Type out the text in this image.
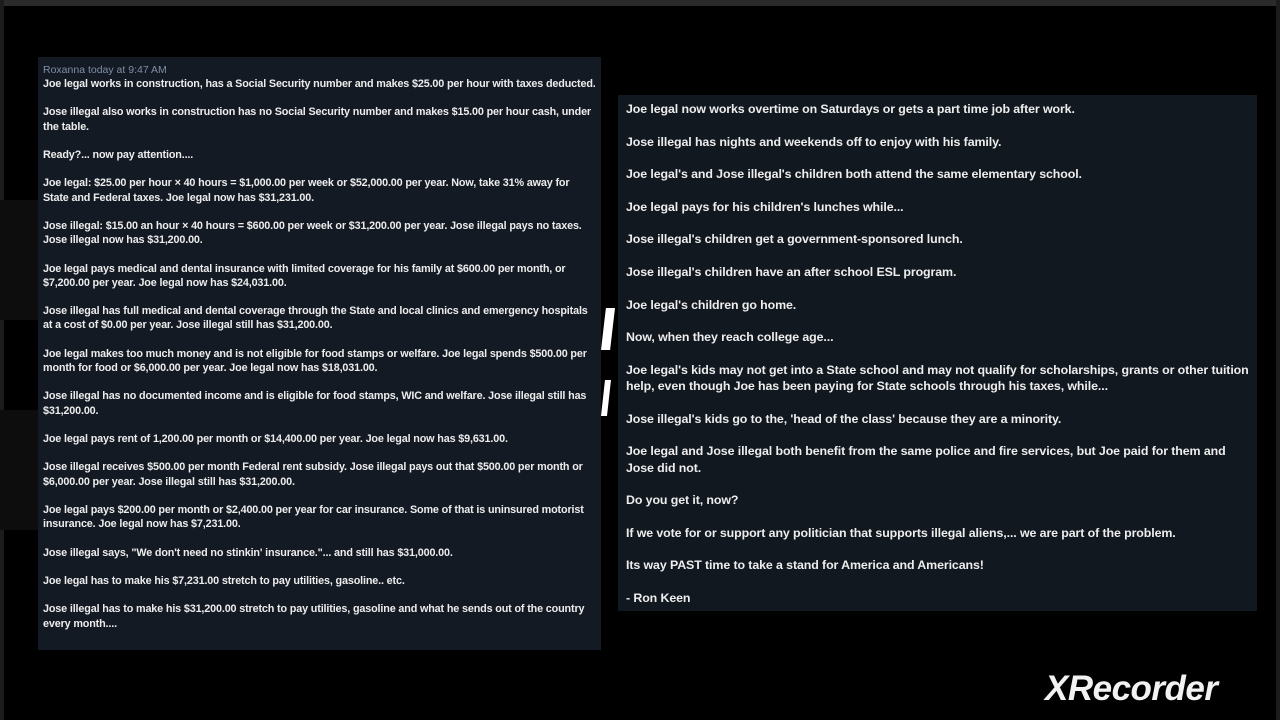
Roxanna today at 9:47 AM

Joe legal works in construction, has a Social Security number and makes $25.00 per hour with taxes deducted.

Jose illegal also works in construction has no Social Security number and makes $15.00 per hour cash, under the table.

Ready?... now pay attention....

Joe legal: $25.00 per hour × 40 hours = $1,000.00 per week or $52,000.00 per year. Now, take 31% away for State and Federal taxes. Joe legal now has $31,231.00.

Jose illegal: $15.00 an hour × 40 hours = $600.00 per week or $31,200.00 per year. Jose illegal pays no taxes. Jose illegal now has $31,200.00.

Joe legal pays medical and dental insurance with limited coverage for his family at $600.00 per month, or $7,200.00 per year. Joe legal now has $24,031.00.

Jose illegal has full medical and dental coverage through the State and local clinics and emergency hospitals at a cost of $0.00 per year. Jose illegal still has $31,200.00.

Joe legal makes too much money and is not eligible for food stamps or welfare. Joe legal spends $500.00 per month for food or $6,000.00 per year. Joe legal now has $18,031.00.

Jose illegal has no documented income and is eligible for food stamps, WIC and welfare. Jose illegal still has $31,200.00.

Joe legal pays rent of 1,200.00 per month or $14,400.00 per year. Joe legal now has $9,631.00.

Jose illegal receives $500.00 per month Federal rent subsidy. Jose illegal pays out that $500.00 per month or $6,000.00 per year. Jose illegal still has $31,200.00.

Joe legal pays $200.00 per month or $2,400.00 per year for car insurance. Some of that is uninsured motorist insurance. Joe legal now has $7,231.00.

Jose illegal says, "We don't need no stinkin' insurance."... and still has $31,000.00.

Joe legal has to make his $7,231.00 stretch to pay utilities, gasoline.. etc.

Jose illegal has to make his $31,200.00 stretch to pay utilities, gasoline and what he sends out of the country every month....

Joe legal now works overtime on Saturdays or gets a part time job after work.

Jose illegal has nights and weekends off to enjoy with his family.

Joe legal's and Jose illegal's children both attend the same elementary school.

Joe legal pays for his children's lunches while...

Jose illegal's children get a government-sponsored lunch.

Jose illegal's children have an after school ESL program.

Joe legal's children go home.

Now, when they reach college age...

Joe legal's kids may not get into a State school and may not qualify for scholarships, grants or other tuition help, even though Joe has been paying for State schools through his taxes, while...

Jose illegal's kids go to the, 'head of the class' because they are a minority.

Joe legal and Jose illegal both benefit from the same police and fire services, but Joe paid for them and Jose did not.

Do you get it, now?

If we vote for or support any politician that supports illegal aliens,... we are part of the problem.

Its way PAST time to take a stand for America and Americans!

- Ron Keen

XRecorder
